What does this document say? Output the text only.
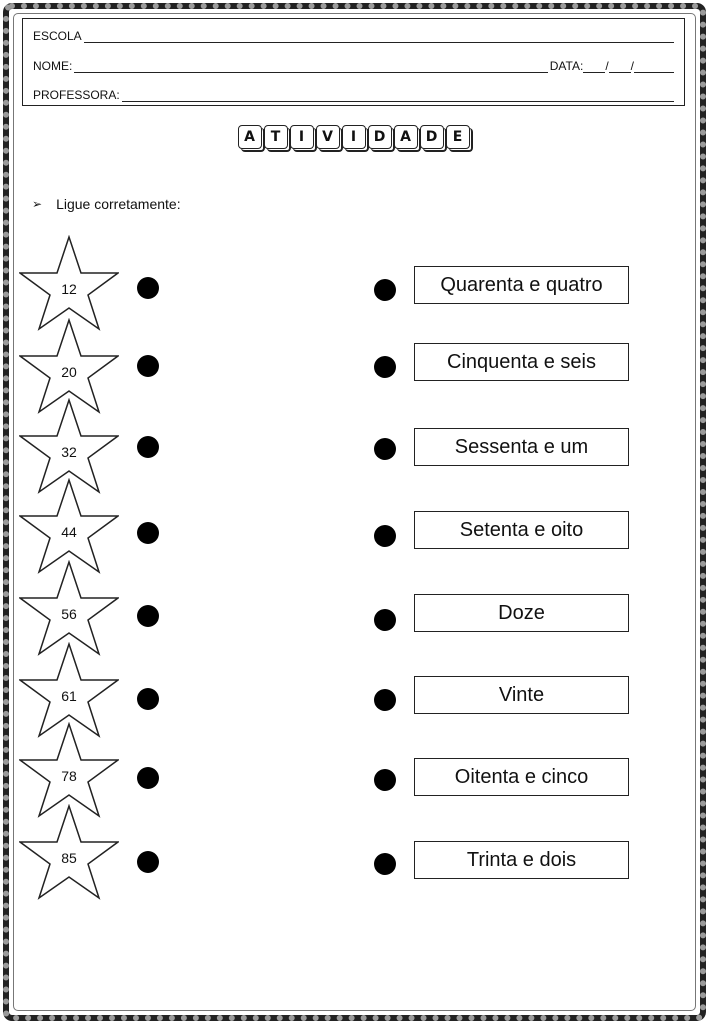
ESCOLA
NOME:	DATA: / /
PROFESSORA:
A	T	I	V	I	D	A	D	E
➢ Ligue corretamente:
12	Quarenta e quatro
20	Cinquenta e seis
32	Sessenta e um
44	Setenta e oito
56	Doze
61	Vinte
78	Oitenta e cinco
85	Trinta e dois
